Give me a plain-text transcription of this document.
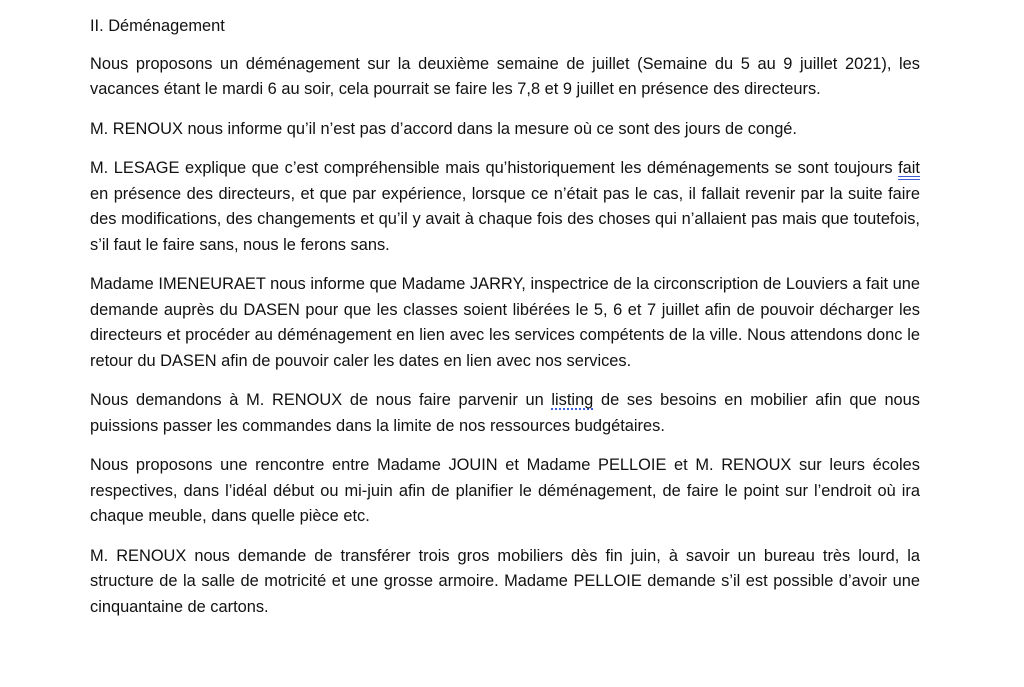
II. Déménagement

Nous proposons un déménagement sur la deuxième semaine de juillet (Semaine du 5 au 9 juillet 2021), les vacances étant le mardi 6 au soir, cela pourrait se faire les 7,8 et 9 juillet en présence des directeurs.

M. RENOUX nous informe qu’il n’est pas d’accord dans la mesure où ce sont des jours de congé.

M. LESAGE explique que c’est compréhensible mais qu’historiquement les déménagements se sont toujours fait en présence des directeurs, et que par expérience, lorsque ce n’était pas le cas, il fallait revenir par la suite faire des modifications, des changements et qu’il y avait à chaque fois des choses qui n’allaient pas mais que toutefois, s’il faut le faire sans, nous le ferons sans.

Madame IMENEURAET nous informe que Madame JARRY, inspectrice de la circonscription de Louviers a fait une demande auprès du DASEN pour que les classes soient libérées le 5, 6 et 7 juillet afin de pouvoir décharger les directeurs et procéder au déménagement en lien avec les services compétents de la ville. Nous attendons donc le retour du DASEN afin de pouvoir caler les dates en lien avec nos services.

Nous demandons à M. RENOUX de nous faire parvenir un listing de ses besoins en mobilier afin que nous puissions passer les commandes dans la limite de nos ressources budgétaires.

Nous proposons une rencontre entre Madame JOUIN et Madame PELLOIE et M. RENOUX sur leurs écoles respectives, dans l’idéal début ou mi-juin afin de planifier le déménagement, de faire le point sur l’endroit où ira chaque meuble, dans quelle pièce etc.

M. RENOUX nous demande de transférer trois gros mobiliers dès fin juin, à savoir un bureau très lourd, la structure de la salle de motricité et une grosse armoire. Madame PELLOIE demande s’il est possible d’avoir une cinquantaine de cartons.
